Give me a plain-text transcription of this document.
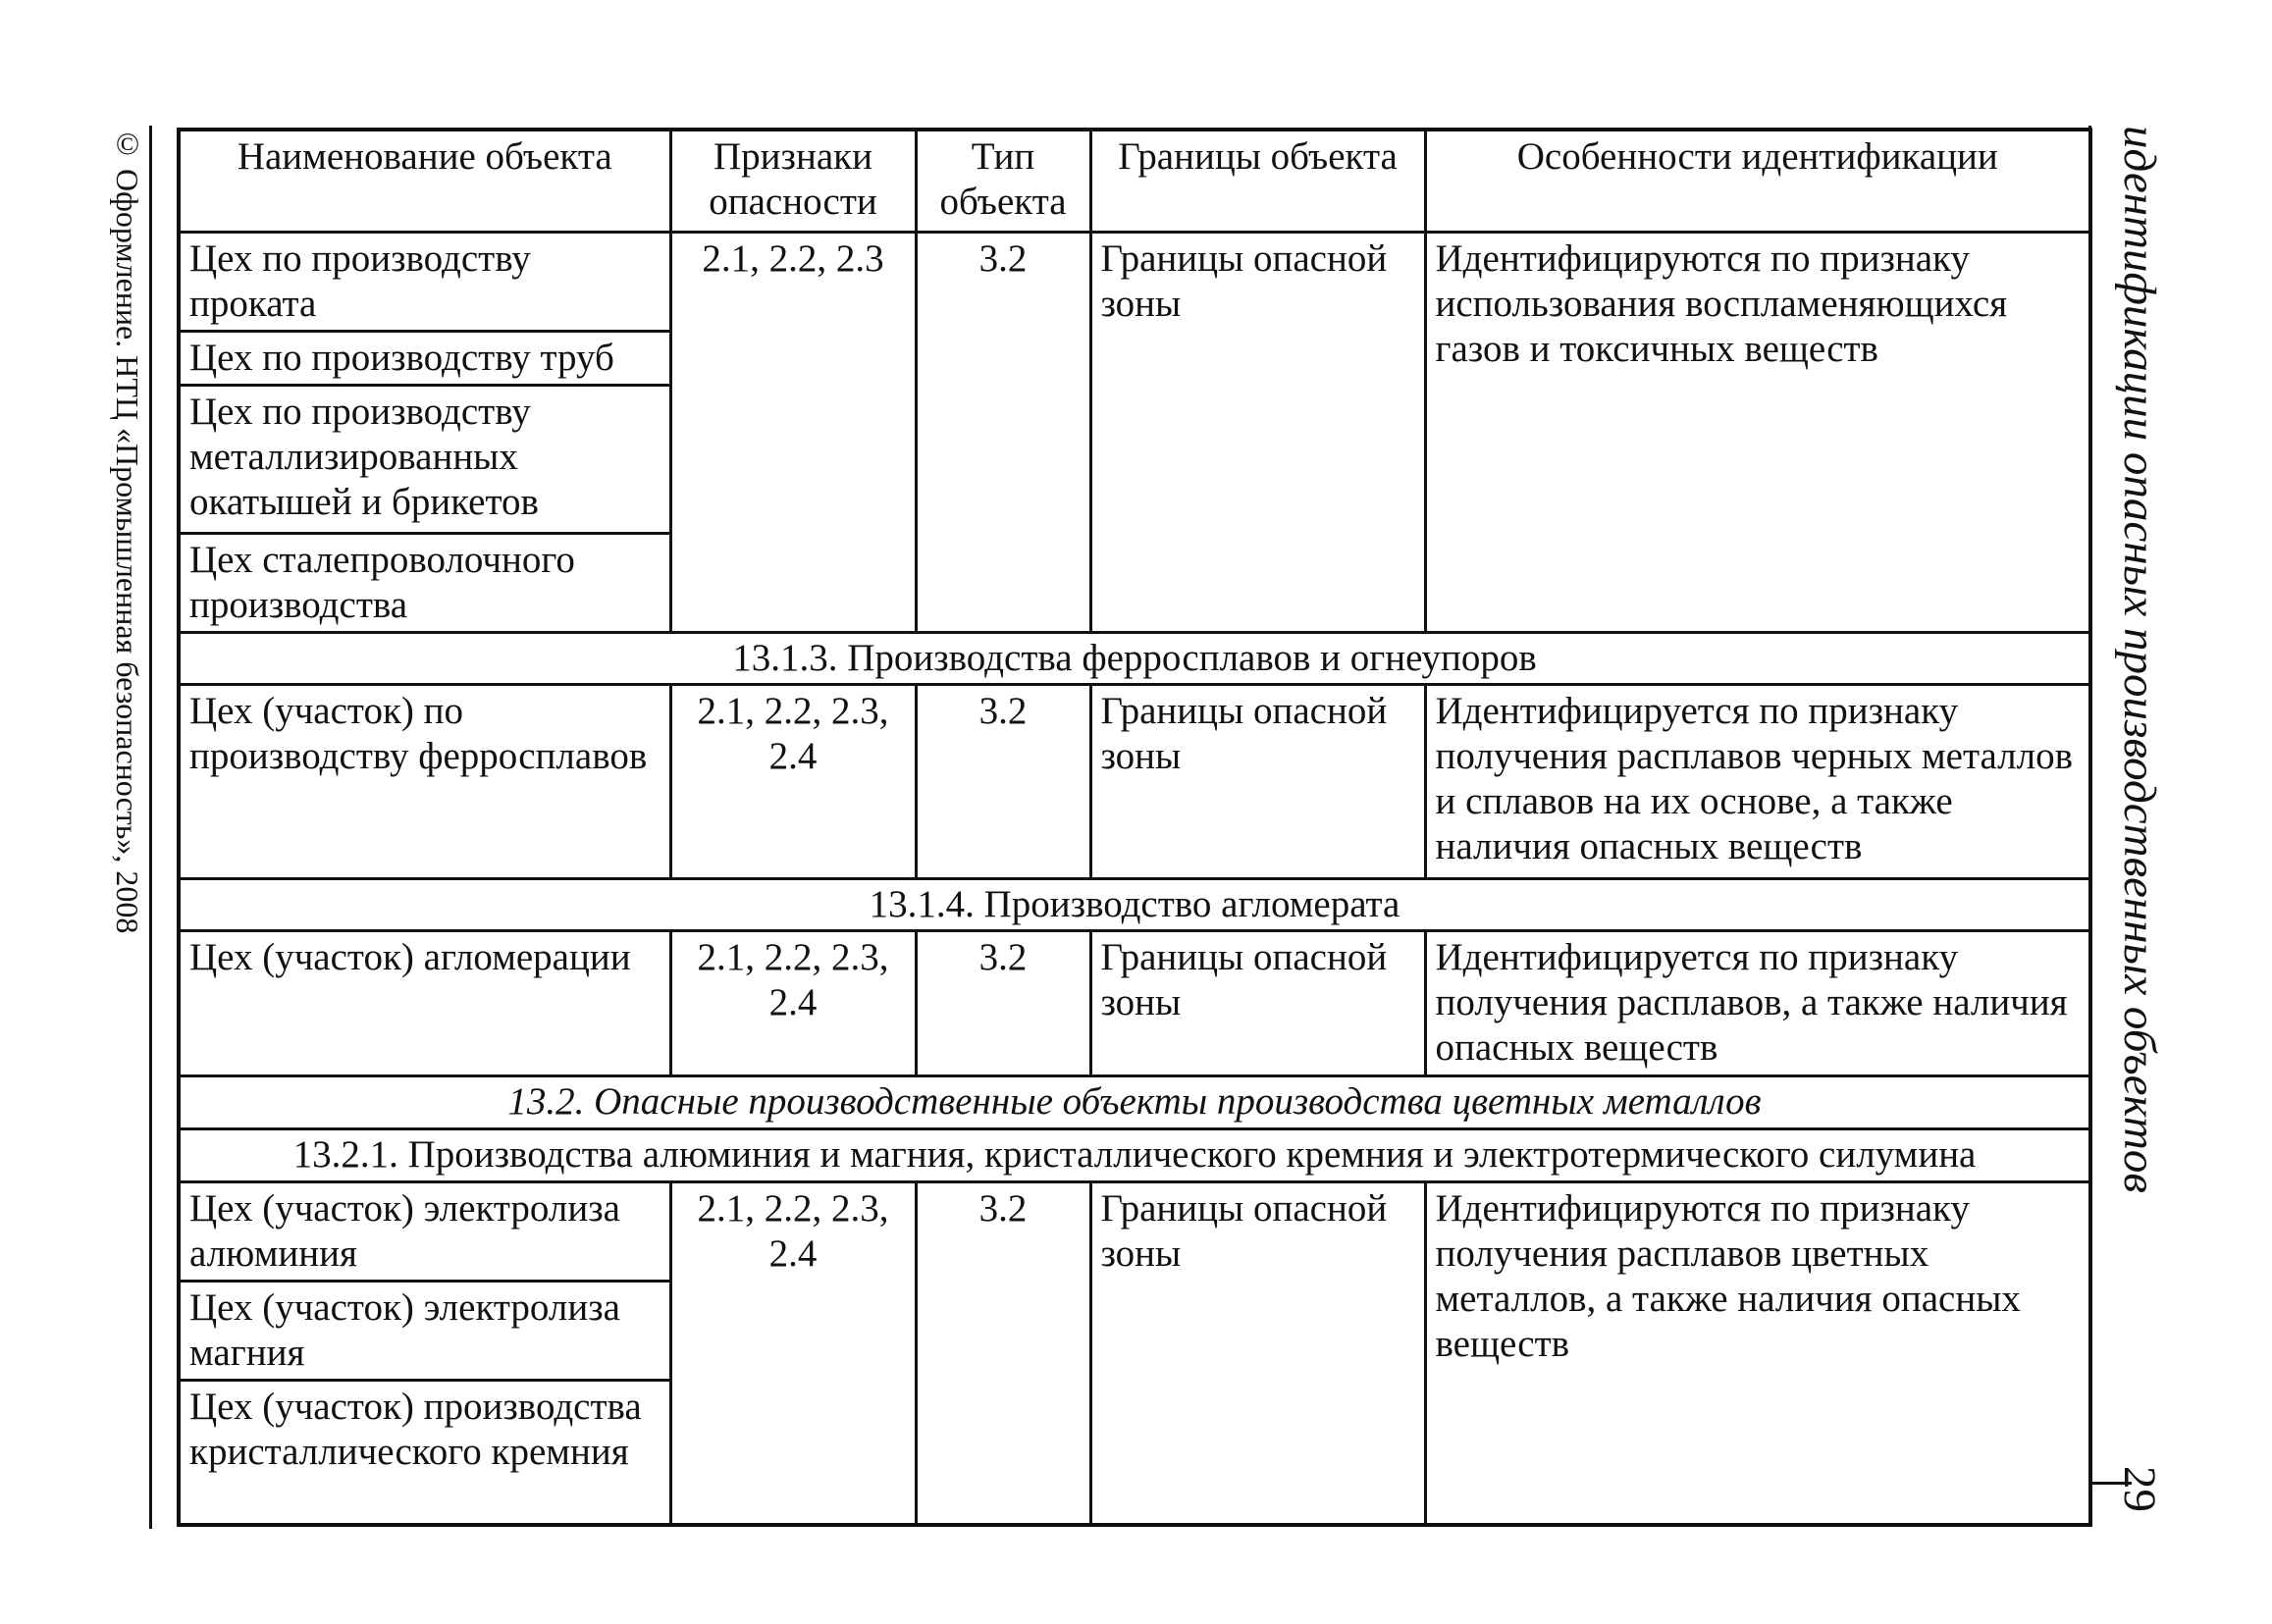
© Оформление. НТЦ «Промышленная безопасность», 2008	идентификации опасных производственных объектов
29
Наименование объекта	Признаки опасности	Тип объекта	Границы объекта	Особенности идентификации
Цех по производству проката	2.1, 2.2, 2.3	3.2	Границы опасной зоны	Идентифицируются по признаку использования воспламеняющихся газов и токсичных веществ
Цех по производству труб				
Цех по производству металлизированных окатышей и брикетов				
Цех сталепроволочного производства				
13.1.3. Производства ферросплавов и огнеупоров				
Цех (участок) по производству ферросплавов	2.1, 2.2, 2.3, 2.4	3.2	Границы опасной зоны	Идентифицируется по признаку получения расплавов черных металлов и сплавов на их основе, а также наличия опасных веществ
13.1.4. Производство агломерата				
Цех (участок) агломерации	2.1, 2.2, 2.3, 2.4	3.2	Границы опасной зоны	Идентифицируется по признаку получения расплавов, а также наличия опасных веществ
13.2. Опасные производственные объекты производства цветных металлов				
13.2.1. Производства алюминия и магния, кристаллического кремния и электротермического силумина				
Цех (участок) электролиза алюминия	2.1, 2.2, 2.3, 2.4	3.2	Границы опасной зоны	Идентифицируются по признаку получения расплавов цветных металлов, а также наличия опасных веществ
Цех (участок) электролиза магния				
Цех (участок) производства кристаллического кремния				
